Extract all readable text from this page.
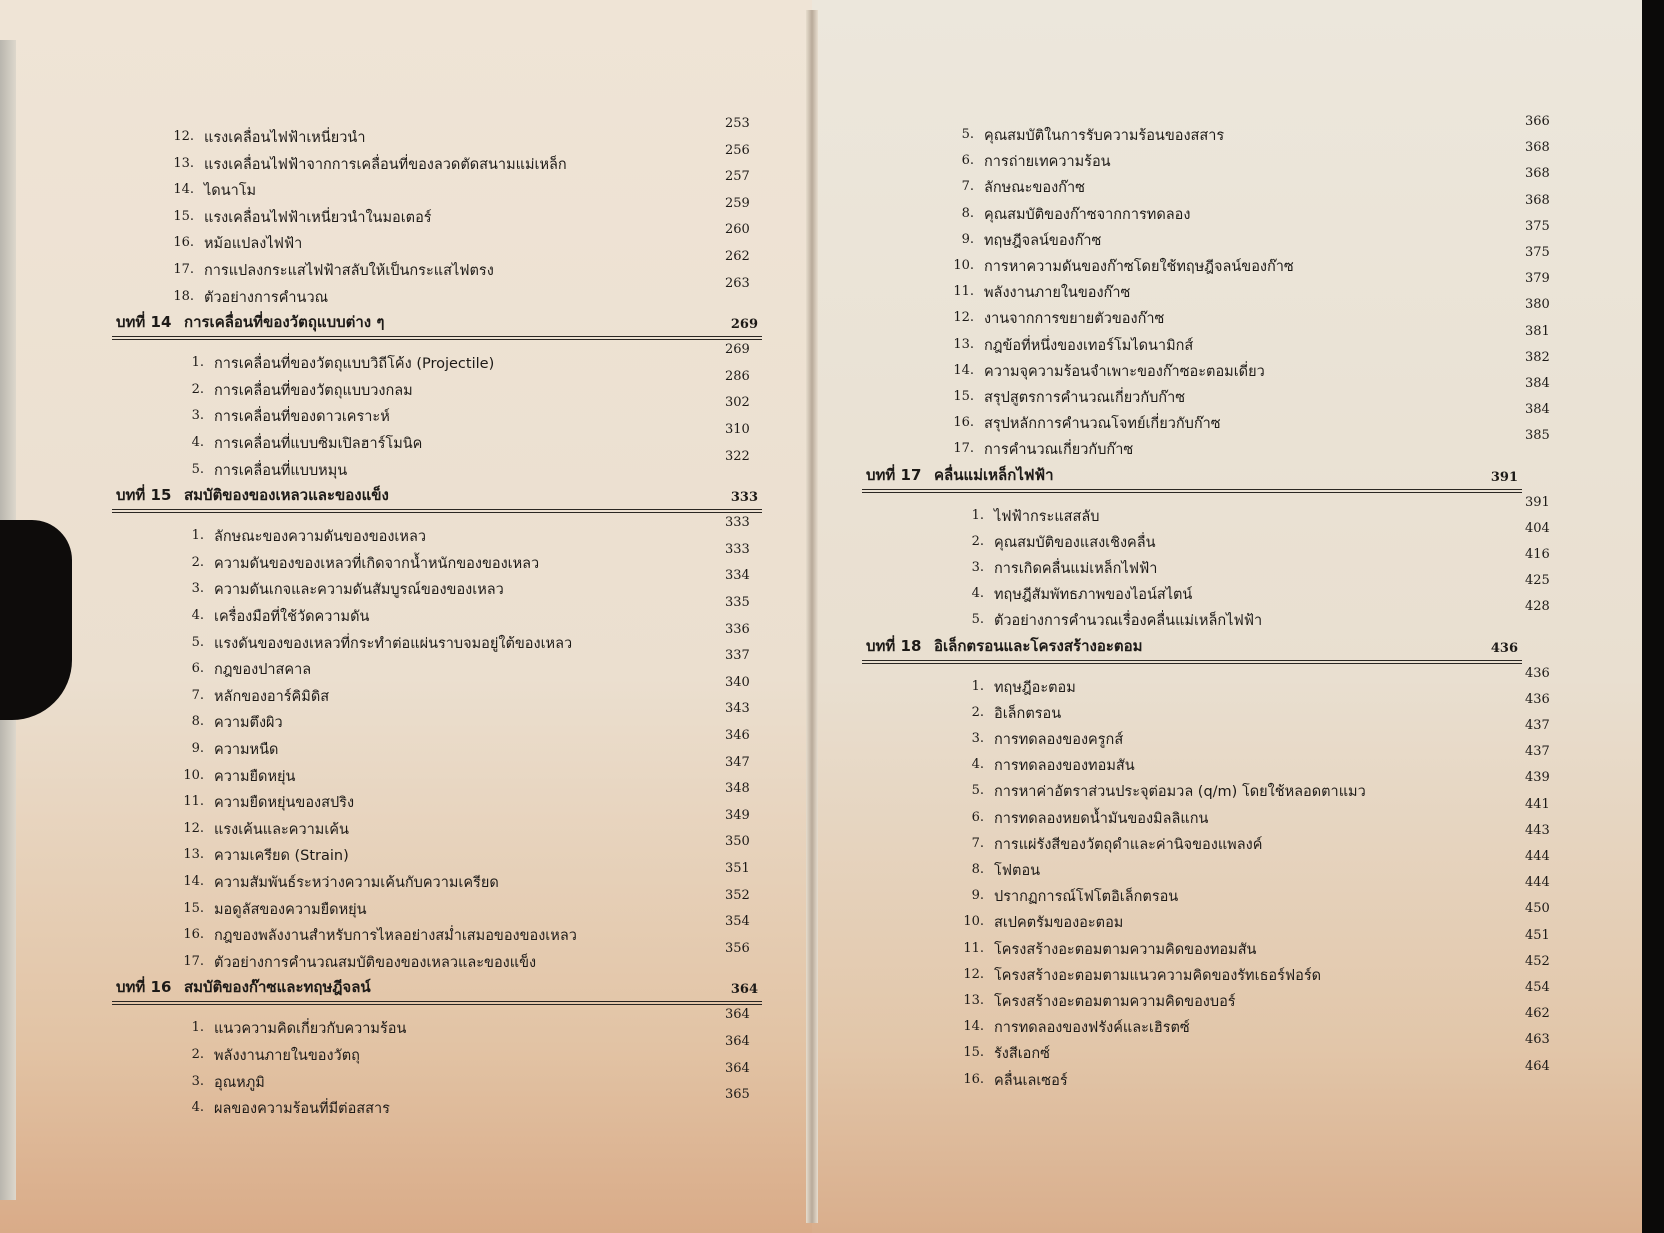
12. แรงเคลื่อนไฟฟ้าเหนี่ยวนำ
253
13. แรงเคลื่อนไฟฟ้าจากการเคลื่อนที่ของลวดตัดสนามแม่เหล็ก
256
14. ไดนาโม
257
15. แรงเคลื่อนไฟฟ้าเหนี่ยวนำในมอเตอร์
259
16. หม้อแปลงไฟฟ้า
260
17. การแปลงกระแสไฟฟ้าสลับให้เป็นกระแสไฟตรง
262
18. ตัวอย่างการคำนวณ
263
บทที่ 14 การเคลื่อนที่ของวัตถุแบบต่าง ๆ	269
1. การเคลื่อนที่ของวัตถุแบบวิถีโค้ง (Projectile)
269
2. การเคลื่อนที่ของวัตถุแบบวงกลม
286
3. การเคลื่อนที่ของดาวเคราะห์
302
4. การเคลื่อนที่แบบซิมเปิลฮาร์โมนิค
310
5. การเคลื่อนที่แบบหมุน
322
บทที่ 15 สมบัติของของเหลวและของแข็ง	333
1. ลักษณะของความดันของของเหลว
333
2. ความดันของของเหลวที่เกิดจากน้ำหนักของของเหลว
333
3. ความดันเกจและความดันสัมบูรณ์ของของเหลว
334
4. เครื่องมือที่ใช้วัดความดัน
335
5. แรงดันของของเหลวที่กระทำต่อแผ่นราบจมอยู่ใต้ของเหลว
336
6. กฎของปาสคาล
337
7. หลักของอาร์คิมิดิส
340
8. ความตึงผิว
343
9. ความหนืด
346
10. ความยืดหยุ่น
347
11. ความยืดหยุ่นของสปริง
348
12. แรงเค้นและความเค้น
349
13. ความเครียด (Strain)
350
14. ความสัมพันธ์ระหว่างความเค้นกับความเครียด
351
15. มอดูลัสของความยืดหยุ่น
352
16. กฎของพลังงานสำหรับการไหลอย่างสม่ำเสมอของของเหลว
354
17. ตัวอย่างการคำนวณสมบัติของของเหลวและของแข็ง
356
บทที่ 16 สมบัติของก๊าซและทฤษฎีจลน์	364
1. แนวความคิดเกี่ยวกับความร้อน
364
2. พลังงานภายในของวัตถุ
364
3. อุณหภูมิ
364
4. ผลของความร้อนที่มีต่อสสาร
365
5. คุณสมบัติในการรับความร้อนของสสาร
366
6. การถ่ายเทความร้อน
368
7. ลักษณะของก๊าซ
368
8. คุณสมบัติของก๊าซจากการทดลอง
368
9. ทฤษฎีจลน์ของก๊าซ
375
10. การหาความดันของก๊าซโดยใช้ทฤษฎีจลน์ของก๊าซ
375
11. พลังงานภายในของก๊าซ
379
12. งานจากการขยายตัวของก๊าซ
380
13. กฎข้อที่หนึ่งของเทอร์โมไดนามิกส์
381
14. ความจุความร้อนจำเพาะของก๊าซอะตอมเดี่ยว
382
15. สรุปสูตรการคำนวณเกี่ยวกับก๊าซ
384
16. สรุปหลักการคำนวณโจทย์เกี่ยวกับก๊าซ
384
17. การคำนวณเกี่ยวกับก๊าซ
385
บทที่ 17 คลื่นแม่เหล็กไฟฟ้า	391
1. ไฟฟ้ากระแสสลับ
391
2. คุณสมบัติของแสงเชิงคลื่น
404
3. การเกิดคลื่นแม่เหล็กไฟฟ้า
416
4. ทฤษฎีสัมพัทธภาพของไอน์สไตน์
425
5. ตัวอย่างการคำนวณเรื่องคลื่นแม่เหล็กไฟฟ้า
428
บทที่ 18 อิเล็กตรอนและโครงสร้างอะตอม	436
1. ทฤษฎีอะตอม
436
2. อิเล็กตรอน
436
3. การทดลองของครูกส์
437
4. การทดลองของทอมสัน
437
5. การหาค่าอัตราส่วนประจุต่อมวล (q/m) โดยใช้หลอดตาแมว
439
6. การทดลองหยดน้ำมันของมิลลิแกน
441
7. การแผ่รังสีของวัตถุดำและค่านิจของแพลงค์
443
8. โฟตอน
444
9. ปรากฏการณ์โฟโตอิเล็กตรอน
444
10. สเปคตรัมของอะตอม
450
11. โครงสร้างอะตอมตามความคิดของทอมสัน
451
12. โครงสร้างอะตอมตามแนวความคิดของรัทเธอร์ฟอร์ด
452
13. โครงสร้างอะตอมตามความคิดของบอร์
454
14. การทดลองของฟรังค์และเฮิรตซ์
462
15. รังสีเอกซ์
463
16. คลื่นเลเซอร์
464
